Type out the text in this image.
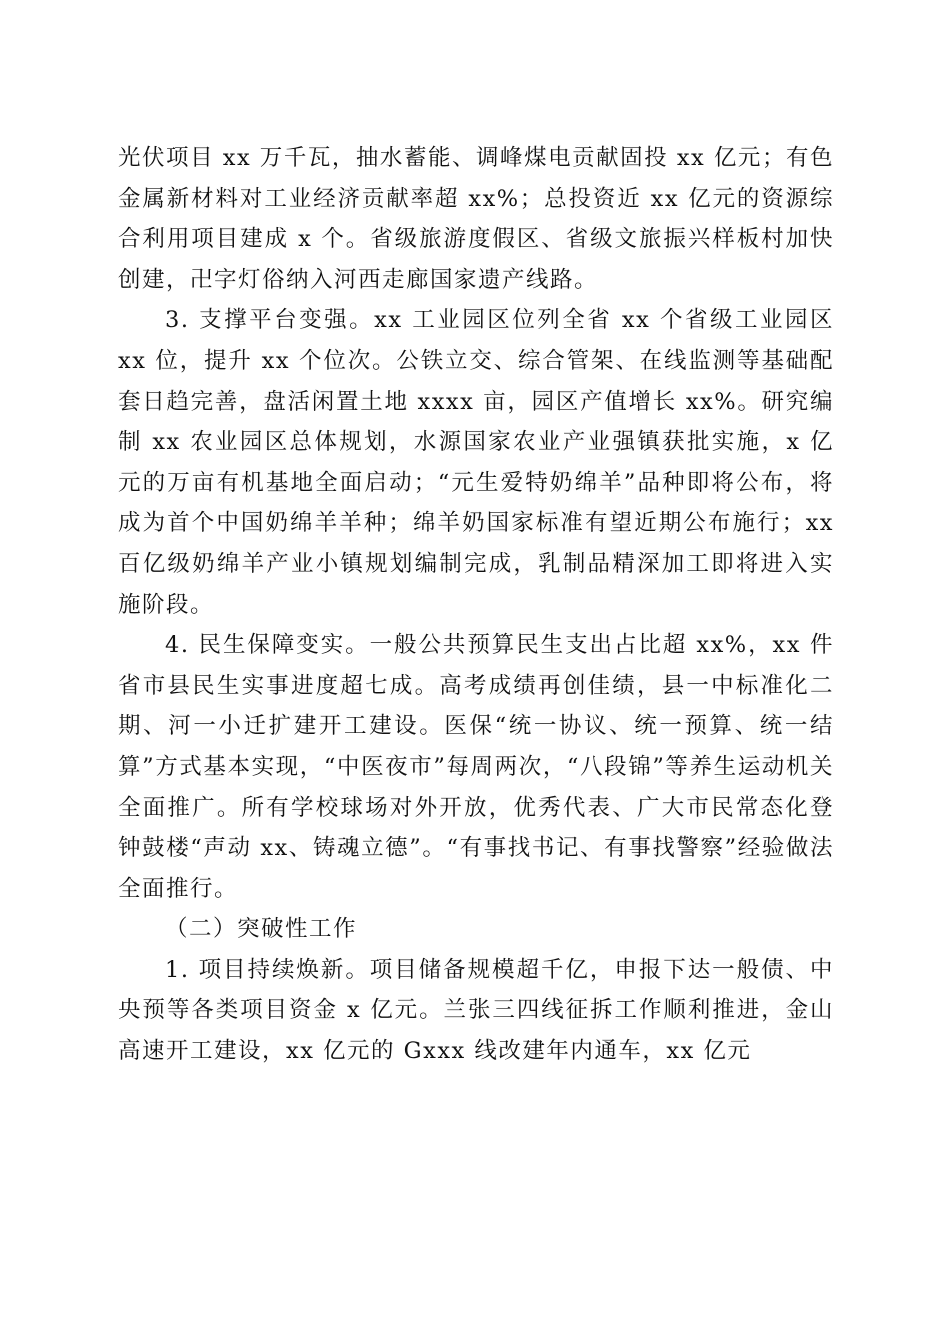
光伏项目 xx 万千瓦，抽水蓄能、调峰煤电贡献固投 xx 亿元；有色金属新材料对工业经济贡献率超 xx%；总投资近 xx 亿元的资源综合利用项目建成 x 个。省级旅游度假区、省级文旅振兴样板村加快创建，卍字灯俗纳入河西走廊国家遗产线路。

3. 支撑平台变强。xx 工业园区位列全省 xx 个省级工业园区 xx 位，提升 xx 个位次。公铁立交、综合管架、在线监测等基础配套日趋完善，盘活闲置土地 xxxx 亩，园区产值增长 xx%。研究编制 xx 农业园区总体规划，水源国家农业产业强镇获批实施，x 亿元的万亩有机基地全面启动；“元生爱特奶绵羊”品种即将公布，将成为首个中国奶绵羊羊种；绵羊奶国家标准有望近期公布施行；xx 百亿级奶绵羊产业小镇规划编制完成，乳制品精深加工即将进入实施阶段。

4. 民生保障变实。一般公共预算民生支出占比超 xx%，xx 件省市县民生实事进度超七成。高考成绩再创佳绩，县一中标准化二期、河一小迁扩建开工建设。医保“统一协议、统一预算、统一结算”方式基本实现，“中医夜市”每周两次，“八段锦”等养生运动机关全面推广。所有学校球场对外开放，优秀代表、广大市民常态化登钟鼓楼“声动 xx、铸魂立德”。“有事找书记、有事找警察”经验做法全面推行。

（二）突破性工作

1. 项目持续焕新。项目储备规模超千亿，申报下达一般债、中央预等各类项目资金 x 亿元。兰张三四线征拆工作顺利推进，金山高速开工建设，xx 亿元的 Gxxx 线改建年内通车，xx 亿元
